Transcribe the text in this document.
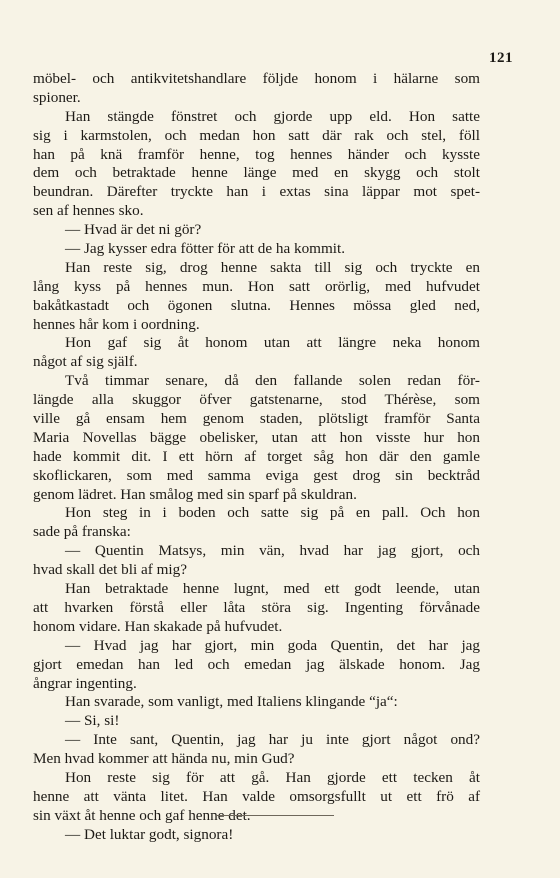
121
möbel- och antikvitetshandlare följde honom i hälarne som
spioner.
Han stängde fönstret och gjorde upp eld. Hon satte
sig i karmstolen, och medan hon satt där rak och stel, föll
han på knä framför henne, tog hennes händer och kysste
dem och betraktade henne länge med en skygg och stolt
beundran. Därefter tryckte han i extas sina läppar mot spet-
sen af hennes sko.
— Hvad är det ni gör?
— Jag kysser edra fötter för att de ha kommit.
Han reste sig, drog henne sakta till sig och tryckte en
lång kyss på hennes mun. Hon satt orörlig, med hufvudet
bakåtkastadt och ögonen slutna. Hennes mössa gled ned,
hennes hår kom i oordning.
Hon gaf sig åt honom utan att längre neka honom
något af sig själf.
Två timmar senare, då den fallande solen redan för-
längde alla skuggor öfver gatstenarne, stod Thérèse, som
ville gå ensam hem genom staden, plötsligt framför Santa
Maria Novellas bägge obelisker, utan att hon visste hur hon
hade kommit dit. I ett hörn af torget såg hon där den gamle
skoflickaren, som med samma eviga gest drog sin becktråd
genom lädret. Han smålog med sin sparf på skuldran.
Hon steg in i boden och satte sig på en pall. Och hon
sade på franska:
— Quentin Matsys, min vän, hvad har jag gjort, och
hvad skall det bli af mig?
Han betraktade henne lugnt, med ett godt leende, utan
att hvarken förstå eller låta störa sig. Ingenting förvånade
honom vidare. Han skakade på hufvudet.
— Hvad jag har gjort, min goda Quentin, det har jag
gjort emedan han led och emedan jag älskade honom. Jag
ångrar ingenting.
Han svarade, som vanligt, med Italiens klingande “ja“:
— Si, si!
— Inte sant, Quentin, jag har ju inte gjort något ond?
Men hvad kommer att hända nu, min Gud?
Hon reste sig för att gå. Han gjorde ett tecken åt
henne att vänta litet. Han valde omsorgsfullt ut ett frö af
sin växt åt henne och gaf henne det.
— Det luktar godt, signora!
